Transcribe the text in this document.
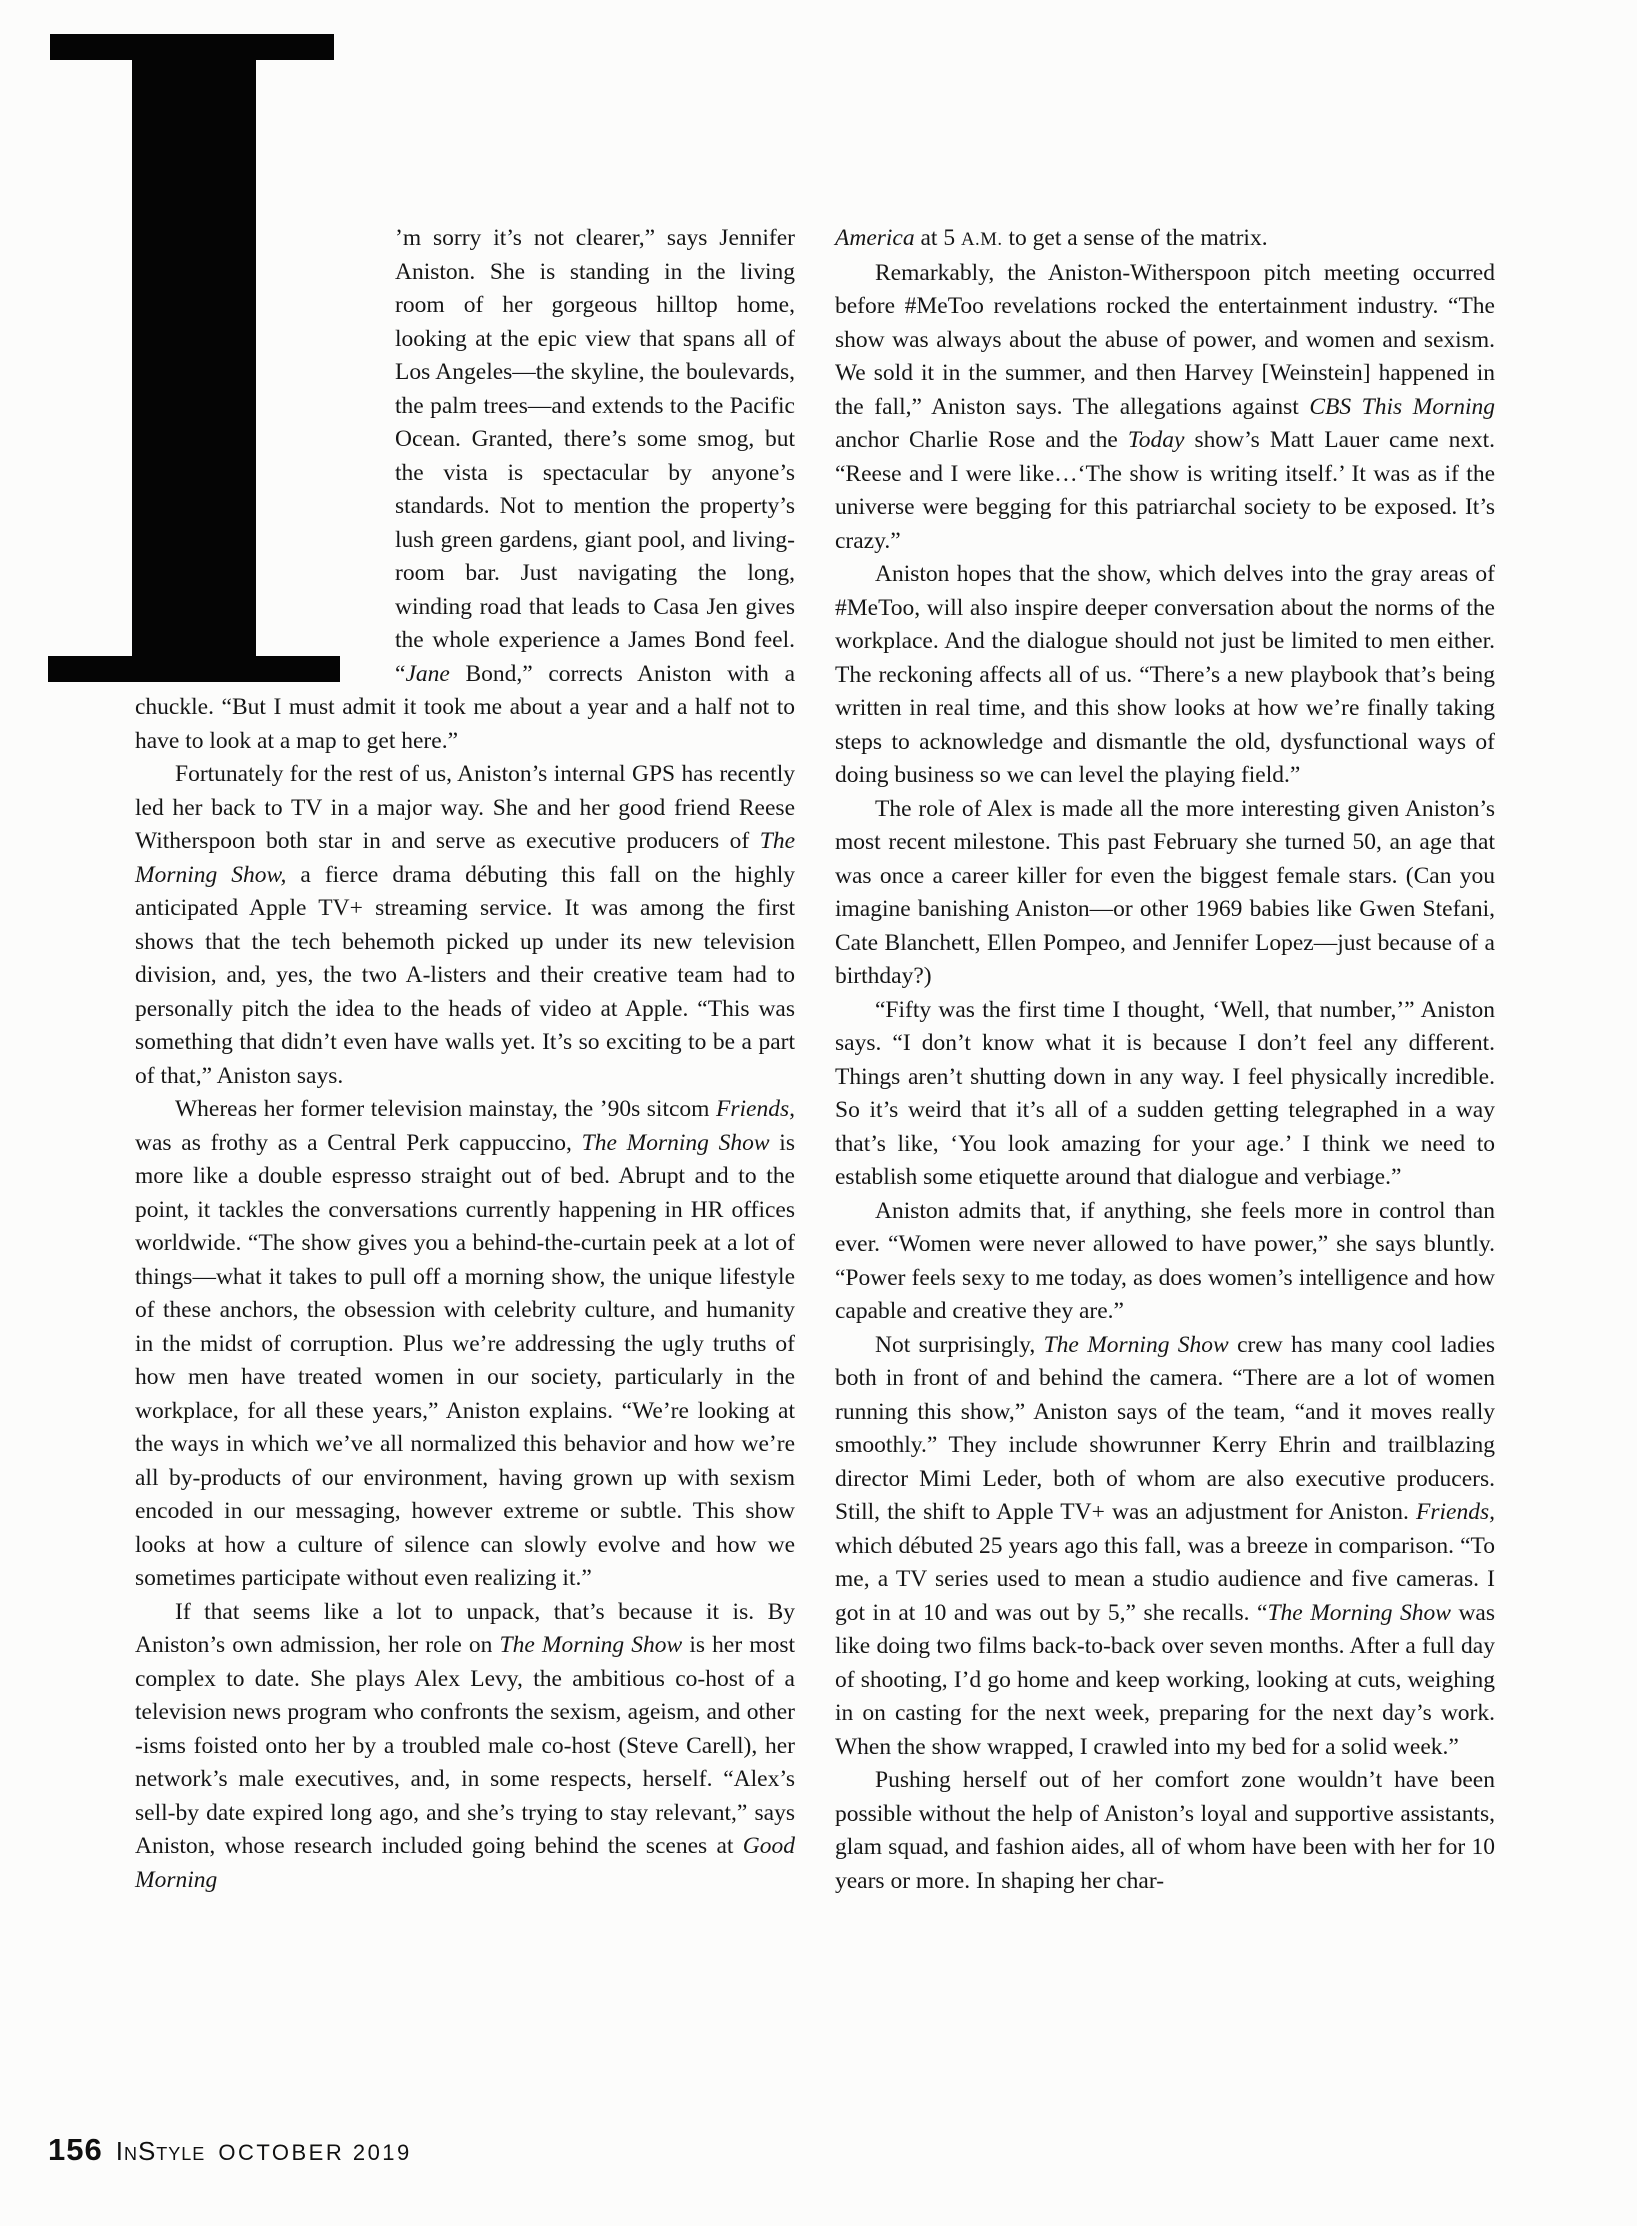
’m sorry it’s not clearer,” says Jennifer Aniston. She is standing in the living room of her gorgeous hilltop home, looking at the epic view that spans all of Los Angeles—the skyline, the boulevards, the palm trees—and extends to the Pacific Ocean. Granted, there’s some smog, but the vista is spectacular by anyone’s standards. Not to mention the property’s lush green gardens, giant pool, and living-room bar. Just navigating the long, winding road that leads to Casa Jen gives the whole experience a James Bond feel. “Jane Bond,” corrects Aniston with a chuckle. “But I must admit it took me about a year and a half not to have to look at a map to get here.”

Fortunately for the rest of us, Aniston’s internal GPS has recently led her back to TV in a major way. She and her good friend Reese Witherspoon both star in and serve as executive producers of The Morning Show, a fierce drama débuting this fall on the highly anticipated Apple TV+ streaming service. It was among the first shows that the tech behemoth picked up under its new television division, and, yes, the two A-listers and their creative team had to personally pitch the idea to the heads of video at Apple. “This was something that didn’t even have walls yet. It’s so exciting to be a part of that,” Aniston says.

Whereas her former television mainstay, the ’90s sitcom Friends, was as frothy as a Central Perk cappuccino, The Morning Show is more like a double espresso straight out of bed. Abrupt and to the point, it tackles the conversations currently happening in HR offices worldwide. “The show gives you a behind-the-curtain peek at a lot of things—what it takes to pull off a morning show, the unique lifestyle of these anchors, the obsession with celebrity culture, and humanity in the midst of corruption. Plus we’re addressing the ugly truths of how men have treated women in our society, particularly in the workplace, for all these years,” Aniston explains. “We’re looking at the ways in which we’ve all normalized this behavior and how we’re all by-products of our environment, having grown up with sexism encoded in our messaging, however extreme or subtle. This show looks at how a culture of silence can slowly evolve and how we sometimes participate without even realizing it.”

If that seems like a lot to unpack, that’s because it is. By Aniston’s own admission, her role on The Morning Show is her most complex to date. She plays Alex Levy, the ambitious co-host of a television news program who confronts the sexism, ageism, and other -isms foisted onto her by a troubled male co-host (Steve Carell), her network’s male executives, and, in some respects, herself. “Alex’s sell-by date expired long ago, and she’s trying to stay relevant,” says Aniston, whose research included going behind the scenes at Good Morning

America at 5 A.M. to get a sense of the matrix.

Remarkably, the Aniston-Witherspoon pitch meeting occurred before #MeToo revelations rocked the entertainment industry. “The show was always about the abuse of power, and women and sexism. We sold it in the summer, and then Harvey [Weinstein] happened in the fall,” Aniston says. The allegations against CBS This Morning anchor Charlie Rose and the Today show’s Matt Lauer came next. “Reese and I were like…‘The show is writing itself.’ It was as if the universe were begging for this patriarchal society to be exposed. It’s crazy.”

Aniston hopes that the show, which delves into the gray areas of #MeToo, will also inspire deeper conversation about the norms of the workplace. And the dialogue should not just be limited to men either. The reckoning affects all of us. “There’s a new playbook that’s being written in real time, and this show looks at how we’re finally taking steps to acknowledge and dismantle the old, dysfunctional ways of doing business so we can level the playing field.”

The role of Alex is made all the more interesting given Aniston’s most recent milestone. This past February she turned 50, an age that was once a career killer for even the biggest female stars. (Can you imagine banishing Aniston—or other 1969 babies like Gwen Stefani, Cate Blanchett, Ellen Pompeo, and Jennifer Lopez—just because of a birthday?)

“Fifty was the first time I thought, ‘Well, that number,’” Aniston says. “I don’t know what it is because I don’t feel any different. Things aren’t shutting down in any way. I feel physically incredible. So it’s weird that it’s all of a sudden getting telegraphed in a way that’s like, ‘You look amazing for your age.’ I think we need to establish some etiquette around that dialogue and verbiage.”

Aniston admits that, if anything, she feels more in control than ever. “Women were never allowed to have power,” she says bluntly. “Power feels sexy to me today, as does women’s intelligence and how capable and creative they are.”

Not surprisingly, The Morning Show crew has many cool ladies both in front of and behind the camera. “There are a lot of women running this show,” Aniston says of the team, “and it moves really smoothly.” They include showrunner Kerry Ehrin and trailblazing director Mimi Leder, both of whom are also executive producers. Still, the shift to Apple TV+ was an adjustment for Aniston. Friends, which débuted 25 years ago this fall, was a breeze in comparison. “To me, a TV series used to mean a studio audience and five cameras. I got in at 10 and was out by 5,” she recalls. “The Morning Show was like doing two films back-to-back over seven months. After a full day of shooting, I’d go home and keep working, looking at cuts, weighing in on casting for the next week, preparing for the next day’s work. When the show wrapped, I crawled into my bed for a solid week.”

Pushing herself out of her comfort zone wouldn’t have been possible without the help of Aniston’s loyal and supportive assistants, glam squad, and fashion aides, all of whom have been with her for 10 years or more. In shaping her char-

156 InStyle OCTOBER 2019
